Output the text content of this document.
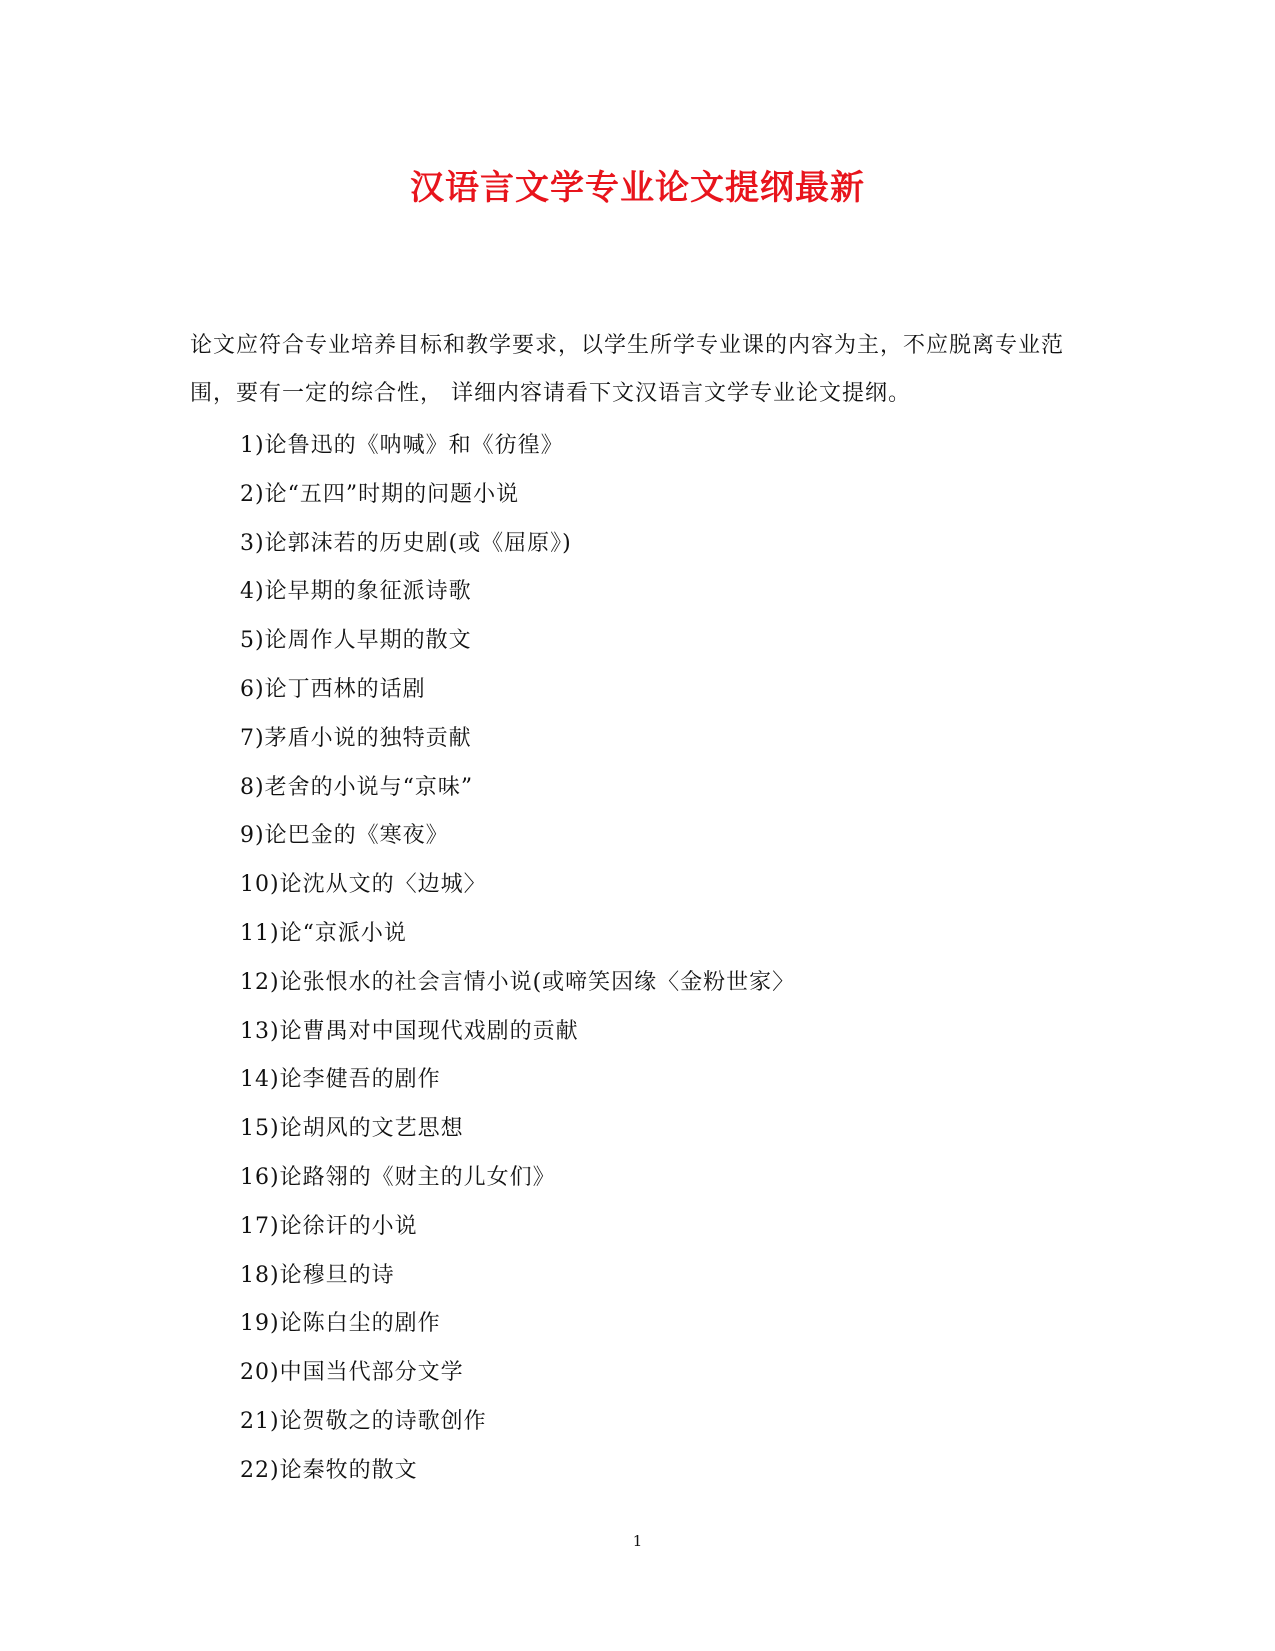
汉语言文学专业论文提纲最新
论文应符合专业培养目标和教学要求，以学生所学专业课的内容为主，不应脱离专业范围，要有一定的综合性， 详细内容请看下文汉语言文学专业论文提纲。
1)论鲁迅的《呐喊》和《彷徨》
2)论“五四”时期的问题小说
3)论郭沫若的历史剧(或《屈原》)
4)论早期的象征派诗歌
5)论周作人早期的散文
6)论丁西林的话剧
7)茅盾小说的独特贡献
8)老舍的小说与“京味”
9)论巴金的《寒夜》
10)论沈从文的〈边城〉
11)论“京派小说
12)论张恨水的社会言情小说(或啼笑因缘〈金粉世家〉
13)论曹禺对中国现代戏剧的贡献
14)论李健吾的剧作
15)论胡风的文艺思想
16)论路翎的《财主的儿女们》
17)论徐讦的小说
18)论穆旦的诗
19)论陈白尘的剧作
20)中国当代部分文学
21)论贺敬之的诗歌创作
22)论秦牧的散文
1
